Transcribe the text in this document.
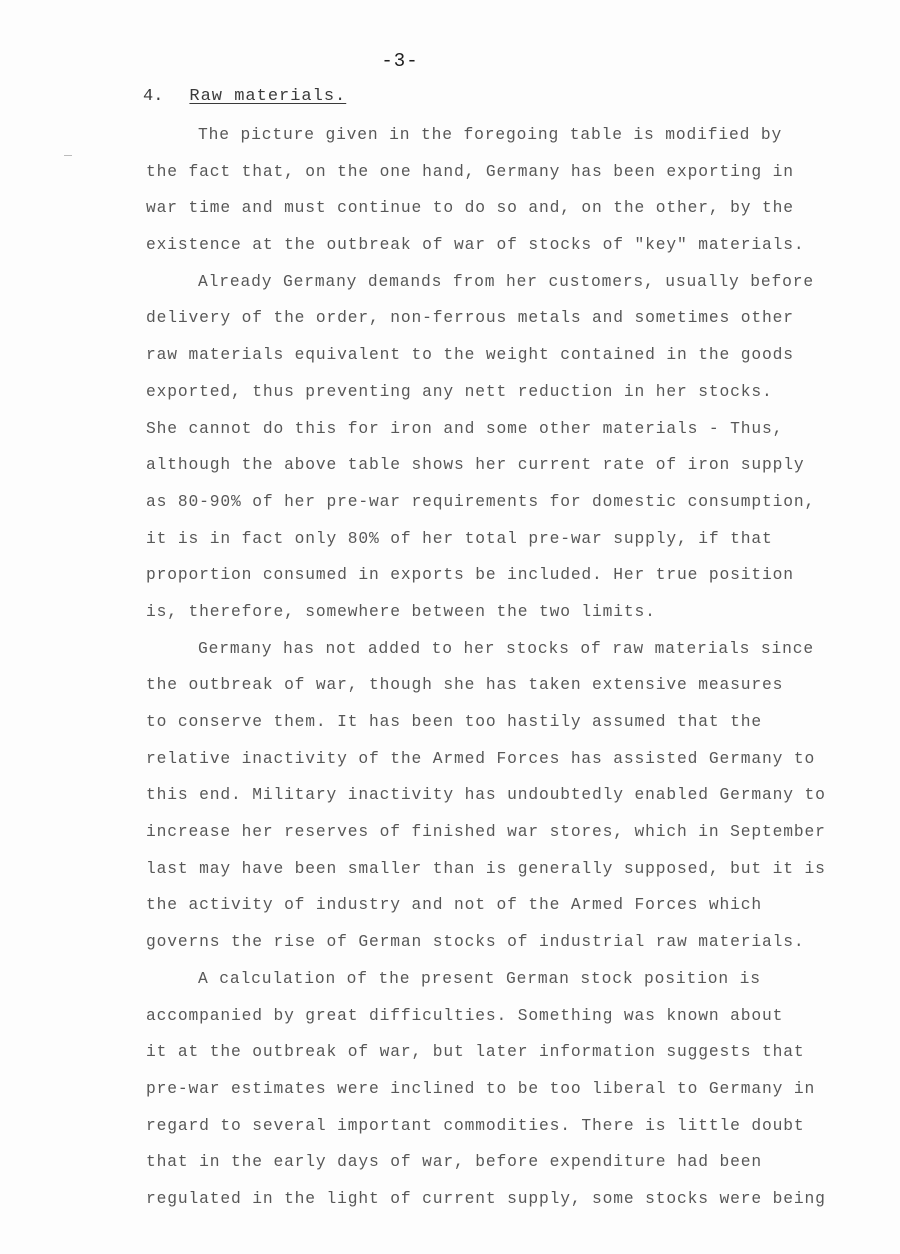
-3-
4. Raw materials.
The picture given in the foregoing table is modified by
the fact that, on the one hand, Germany has been exporting in
war time and must continue to do so and, on the other, by the
existence at the outbreak of war of stocks of "key" materials.
Already Germany demands from her customers, usually before
delivery of the order, non-ferrous metals and sometimes other
raw materials equivalent to the weight contained in the goods
exported, thus preventing any nett reduction in her stocks.
She cannot do this for iron and some other materials - Thus,
although the above table shows her current rate of iron supply
as 80-90% of her pre-war requirements for domestic consumption,
it is in fact only 80% of her total pre-war supply, if that
proportion consumed in exports be included. Her true position
is, therefore, somewhere between the two limits.
Germany has not added to her stocks of raw materials since
the outbreak of war, though she has taken extensive measures
to conserve them. It has been too hastily assumed that the
relative inactivity of the Armed Forces has assisted Germany to
this end. Military inactivity has undoubtedly enabled Germany to
increase her reserves of finished war stores, which in September
last may have been smaller than is generally supposed, but it is
the activity of industry and not of the Armed Forces which
governs the rise of German stocks of industrial raw materials.
A calculation of the present German stock position is
accompanied by great difficulties. Something was known about
it at the outbreak of war, but later information suggests that
pre-war estimates were inclined to be too liberal to Germany in
regard to several important commodities. There is little doubt
that in the early days of war, before expenditure had been
regulated in the light of current supply, some stocks were being
